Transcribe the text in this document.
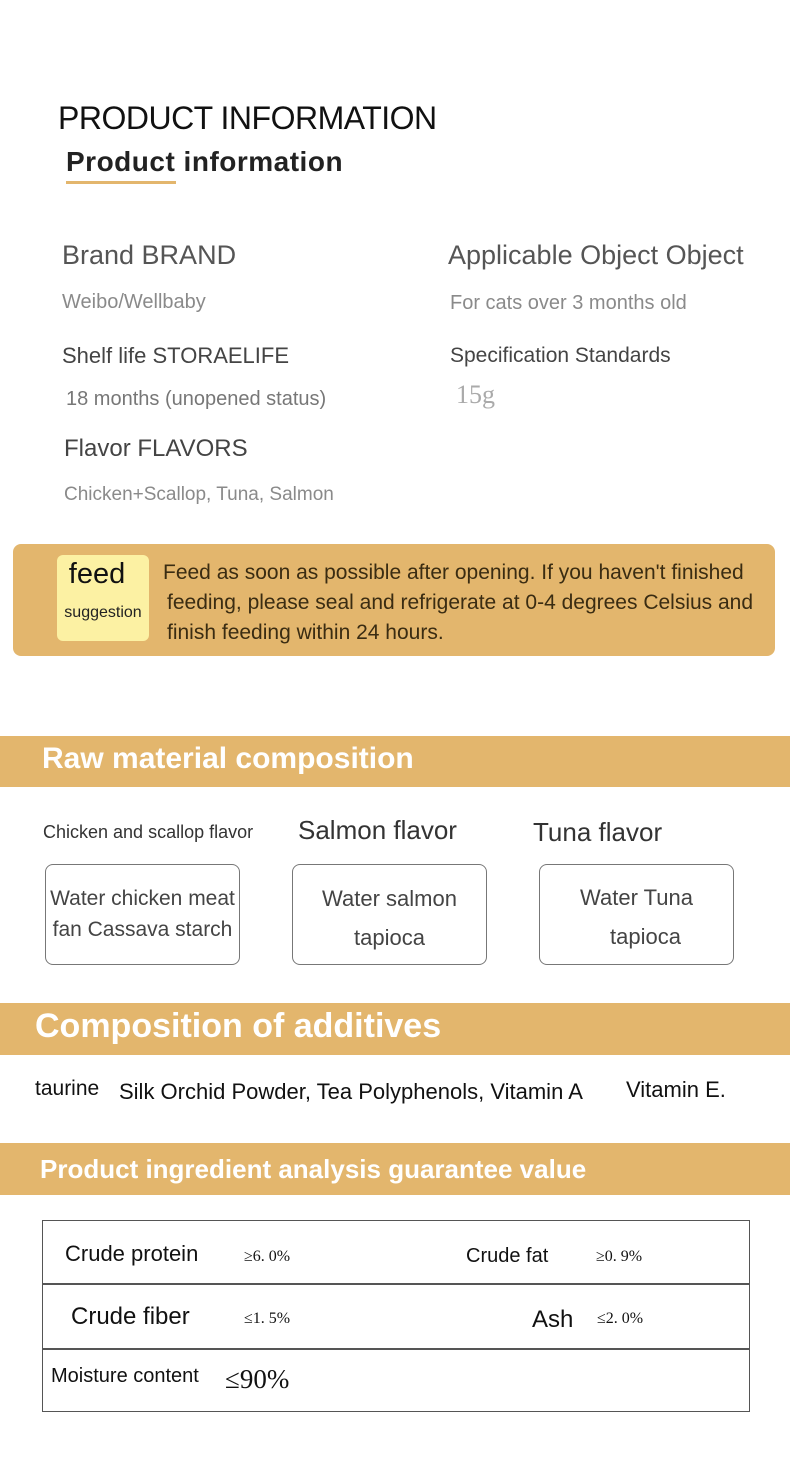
PRODUCT INFORMATION
Product information
Brand BRAND
Weibo/Wellbaby
Applicable Object Object
For cats over 3 months old
Shelf life STORAELIFE
18 months (unopened status)
Specification Standards
15g
Flavor FLAVORS
Chicken+Scallop, Tuna, Salmon
feed
suggestion
Feed as soon as possible after opening. If you haven't finished
feeding, please seal and refrigerate at 0-4 degrees Celsius and
finish feeding within 24 hours.
Raw material composition
Chicken and scallop flavor Salmon flavor	Tuna flavor
Water chicken meat
fan Cassava starch
Water salmon
tapioca
Water Tuna
tapioca
Composition of additives
taurine Silk Orchid Powder, Tea Polyphenols, Vitamin A Vitamin E.
Product ingredient analysis guarantee value
Crude protein	≥6. 0%	Crude fat	≥0. 9%
Crude fiber	≤1. 5%	Ash ≤2. 0%
Moisture content ≤90%
